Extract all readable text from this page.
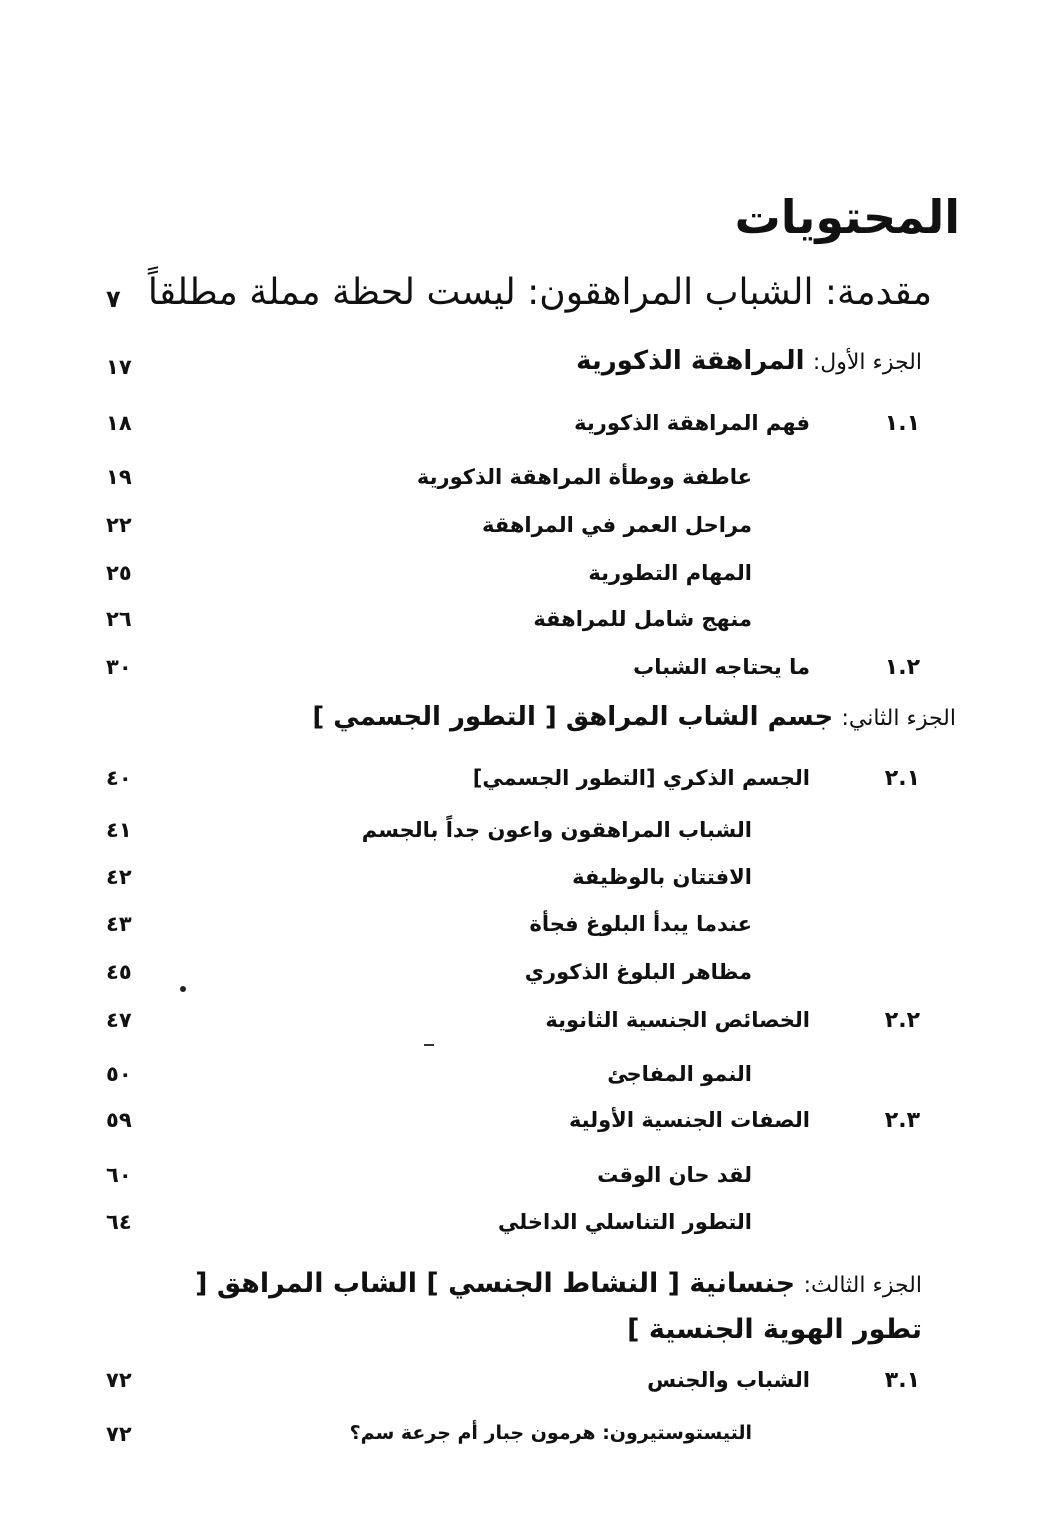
المحتويات
مقدمة: الشباب المراهقون: ليست لحظة مملة مطلقاً
٧
الجزء الأول: المراهقة الذكورية
١٧
١.١
فهم المراهقة الذكورية
١٨
عاطفة ووطأة المراهقة الذكورية
١٩
مراحل العمر في المراهقة
٢٢
المهام التطورية
٢٥
منهج شامل للمراهقة
٢٦
١.٢
ما يحتاجه الشباب
٣٠
الجزء الثاني: جسم الشاب المراهق [ التطور الجسمي ]
٢.١
الجسم الذكري [التطور الجسمي]
٤٠
الشباب المراهقون واعون جداً بالجسم
٤١
الافتتان بالوظيفة
٤٢
عندما يبدأ البلوغ فجأة
٤٣
مظاهر البلوغ الذكوري
٤٥
٢.٢
الخصائص الجنسية الثانوية
٤٧
النمو المفاجئ
٥٠
٢.٣
الصفات الجنسية الأولية
٥٩
لقد حان الوقت
٦٠
التطور التناسلي الداخلي
٦٤
الجزء الثالث: جنسانية [ النشاط الجنسي ] الشاب المراهق [ تطور الهوية الجنسية ]
٣.١
الشباب والجنس
٧٢
التيستوستيرون: هرمون جبار أم جرعة سم؟
٧٢
